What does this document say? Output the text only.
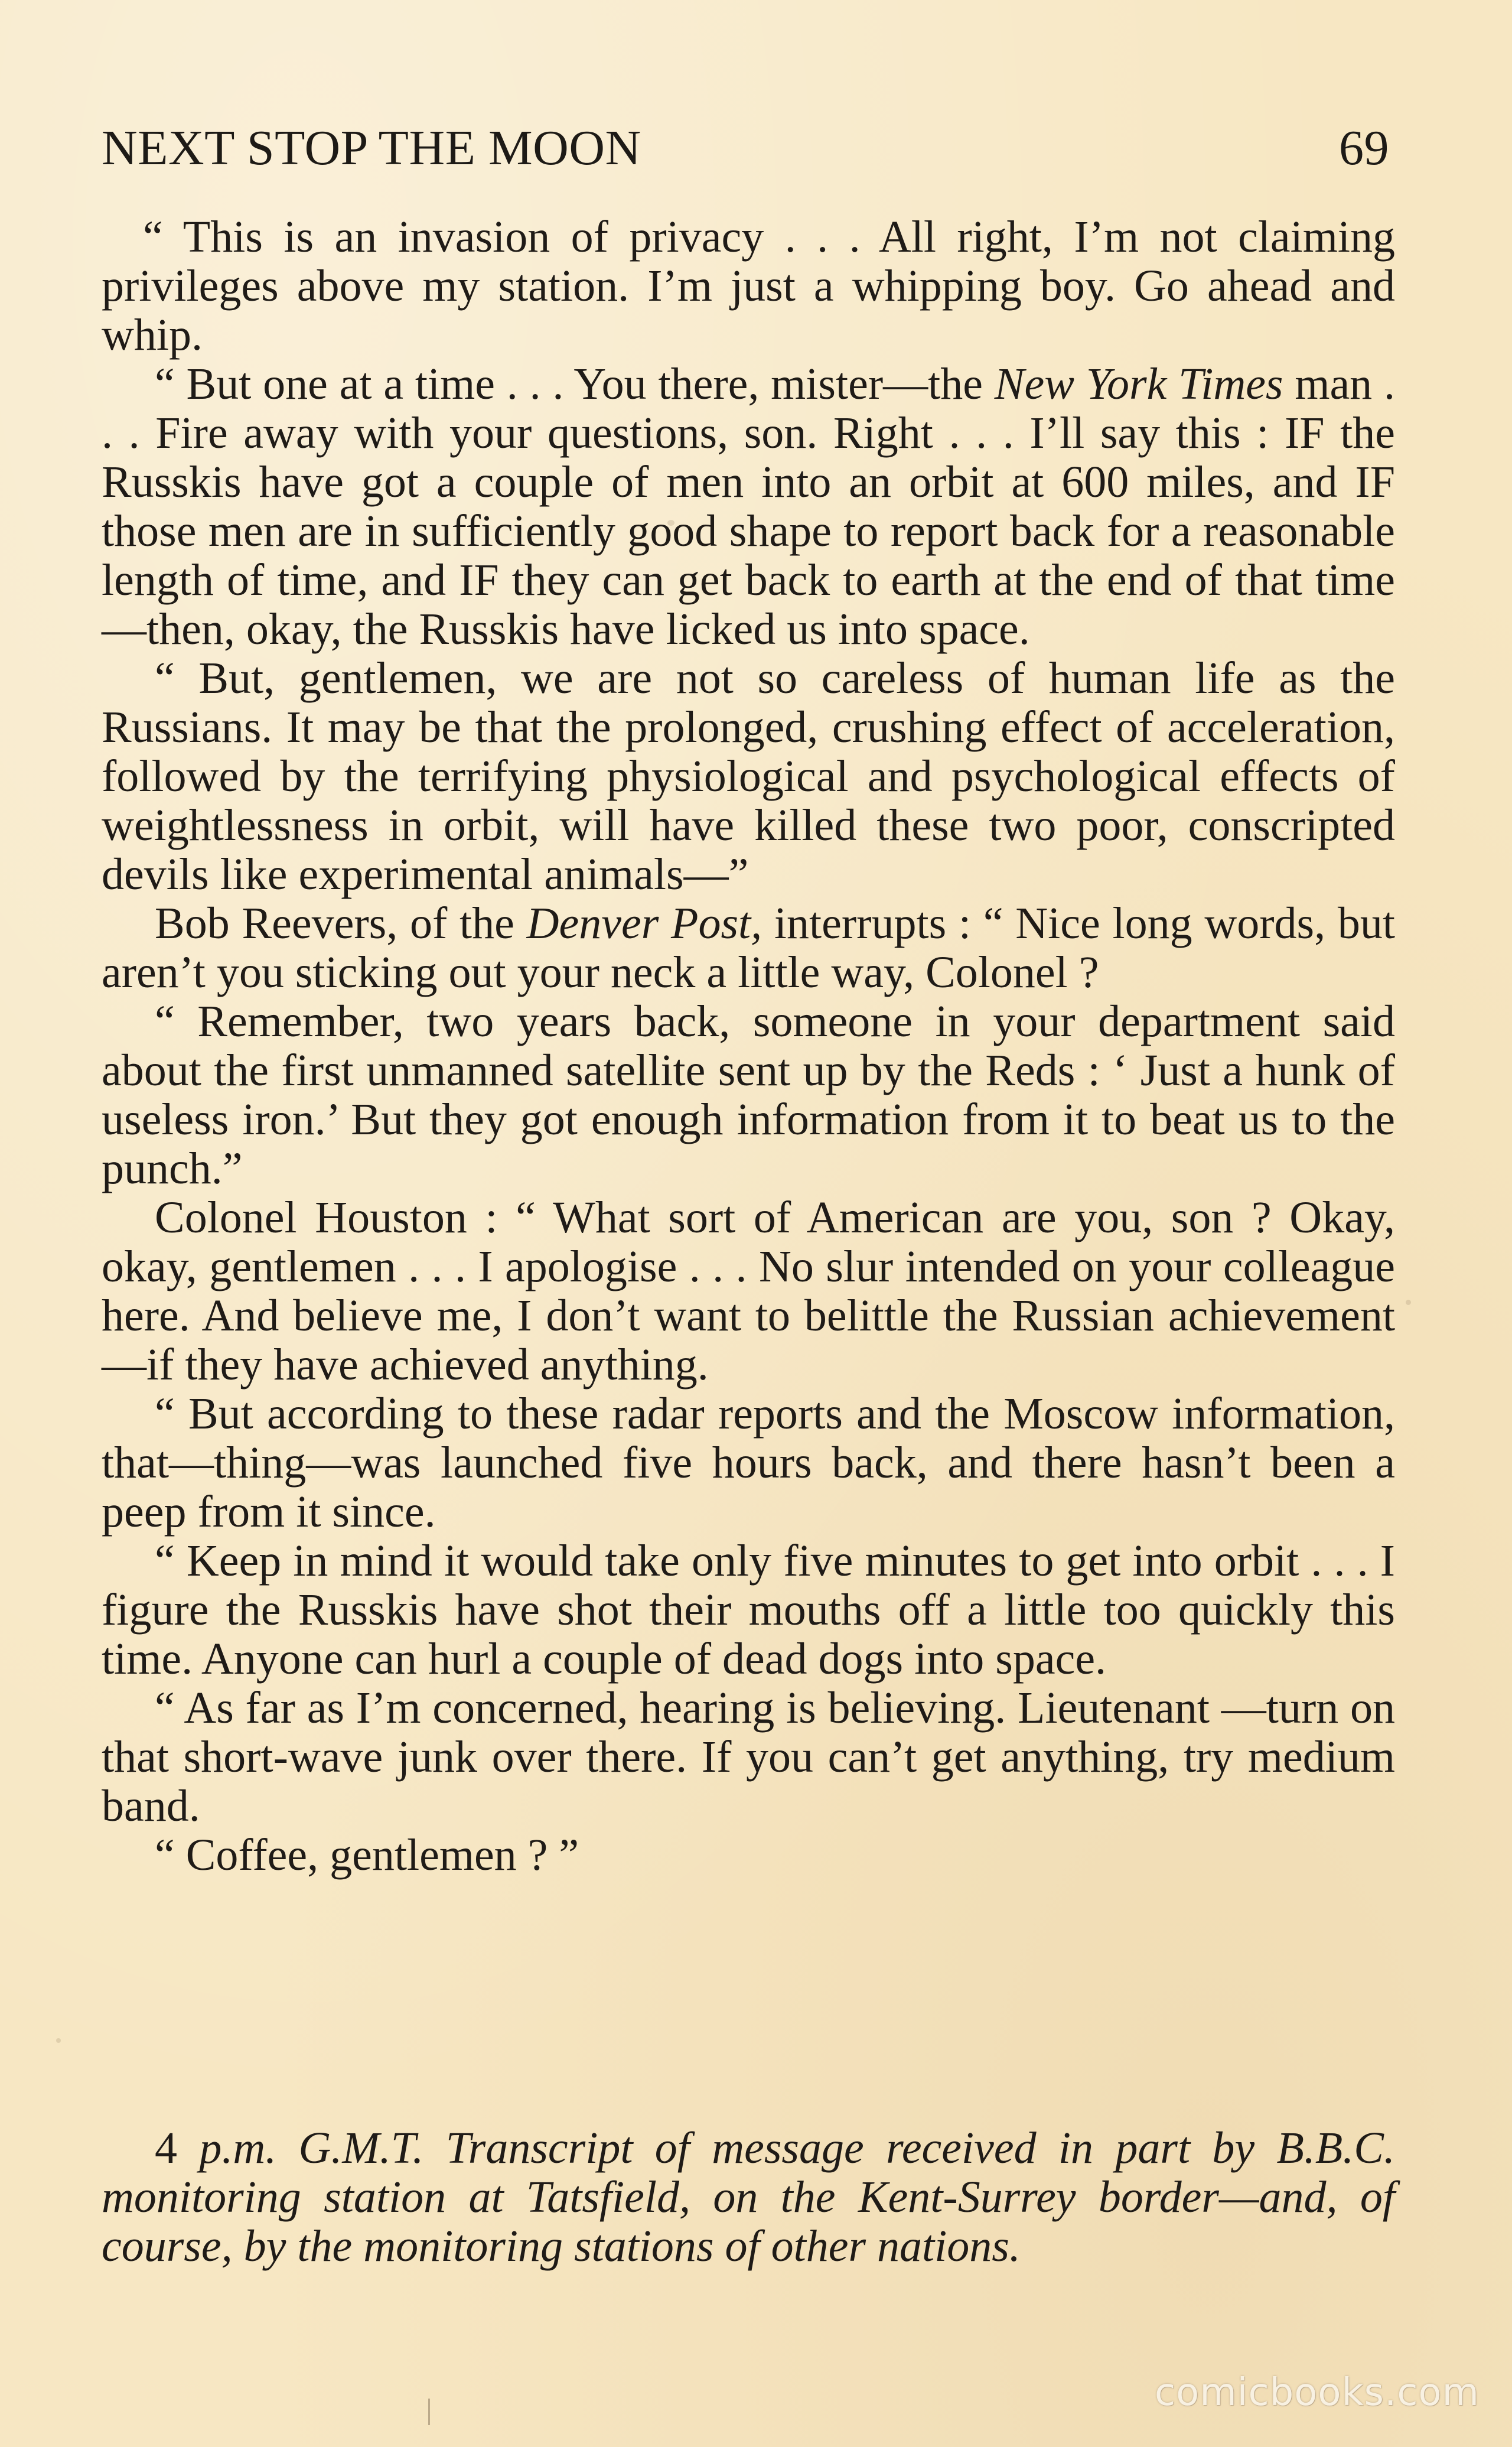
NEXT STOP THE MOON	69

“ This is an invasion of privacy . . . All right, I’m not claiming privileges above my station. I’m just a whipping boy. Go ahead and whip.

“ But one at a time . . . You there, mister—the New York Times man . . . Fire away with your questions, son. Right . . . I’ll say this : IF the Russkis have got a couple of men into an orbit at 600 miles, and IF those men are in sufficiently good shape to report back for a reasonable length of time, and IF they can get back to earth at the end of that time—then, okay, the Russkis have licked us into space.

“ But, gentlemen, we are not so careless of human life as the Russians. It may be that the prolonged, crushing effect of acceleration, followed by the terrifying physiological and psychological effects of weightlessness in orbit, will have killed these two poor, conscripted devils like experimental animals—”

Bob Reevers, of the Denver Post, interrupts : “ Nice long words, but aren’t you sticking out your neck a little way, Colonel ?

“ Remember, two years back, someone in your department said about the first unmanned satellite sent up by the Reds : ‘ Just a hunk of useless iron.’ But they got enough information from it to beat us to the punch.”

Colonel Houston : “ What sort of American are you, son ? Okay, okay, gentlemen . . . I apologise . . . No slur intended on your colleague here. And believe me, I don’t want to belittle the Russian achievement—if they have achieved anything.

“ But according to these radar reports and the Moscow information, that—thing—was launched five hours back, and there hasn’t been a peep from it since.

“ Keep in mind it would take only five minutes to get into orbit . . . I figure the Russkis have shot their mouths off a little too quickly this time. Anyone can hurl a couple of dead dogs into space.

“ As far as I’m concerned, hearing is believing. Lieutenant —turn on that short-wave junk over there. If you can’t get anything, try medium band.

“ Coffee, gentlemen ? ”

4 p.m. G.M.T. Transcript of message received in part by B.B.C. monitoring station at Tatsfield, on the Kent-Surrey border—and, of course, by the monitoring stations of other nations.

comicbooks.com
